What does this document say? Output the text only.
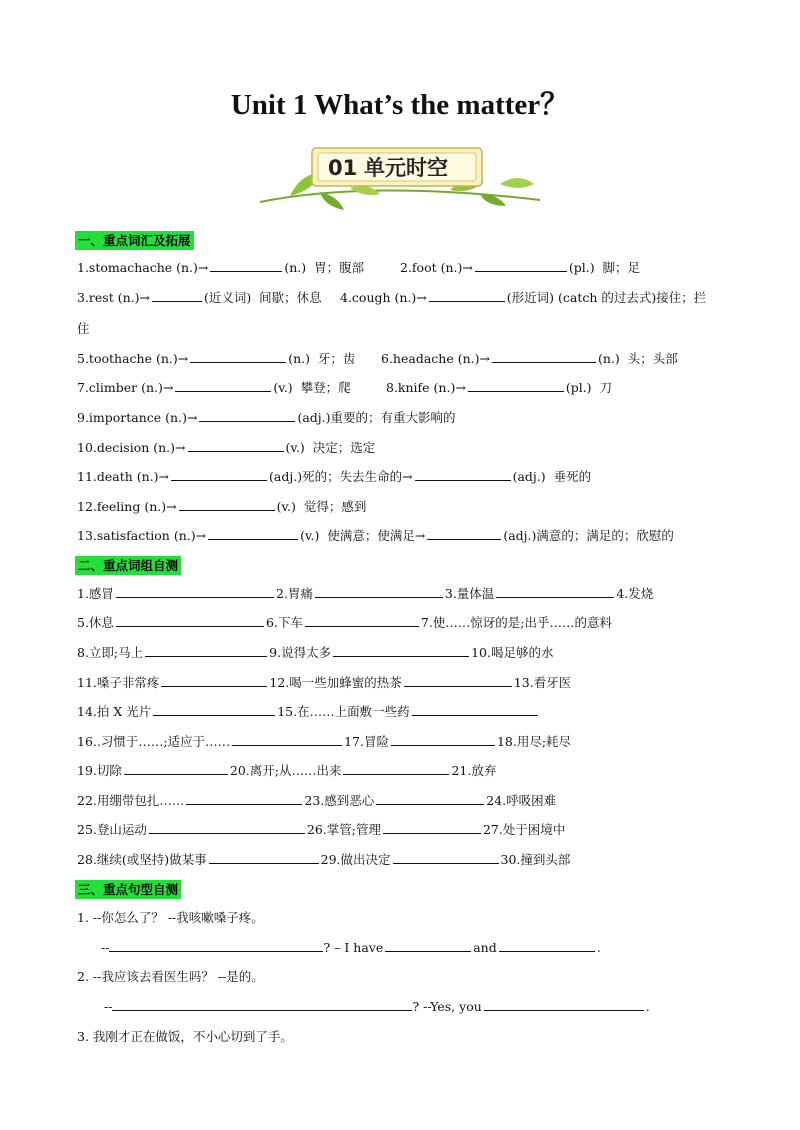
Unit 1 What’s the matter？
01 单元时空
一、重点词汇及拓展
1.stomachache (n.)→	(n.)  胃；腹部	2.foot (n.)→	(pl.)  脚；足
3.rest (n.)→	(近义词)  间歇；休息 4.cough (n.)→	(形近词) (catch 的过去式)接住；拦
住
5.toothache (n.)→	(n.)  牙；齿 6.headache (n.)→	(n.)  头；头部
7.climber (n.)→	(v.)  攀登；爬	8.knife (n.)→	(pl.)  刀
9.importance (n.)→	(adj.)重要的；有重大影响的
10.decision (n.)→	(v.)  决定；选定
11.death (n.)→	(adj.)死的；失去生命的→	(adj.)  垂死的
12.feeling (n.)→	(v.)  觉得；感到
13.satisfaction (n.)→	(v.)  使满意；使满足→	(adj.)满意的；满足的；欣慰的
二、重点词组自测
1.感冒	2.胃痛	3.量体温	4.发烧
5.休息	6.下车	7.使……惊讶的是;出乎……的意料
8.立即;马上	9.说得太多	10.喝足够的水
11.嗓子非常疼	12.喝一些加蜂蜜的热茶	13.看牙医
14.拍 X 光片	15.在……上面敷一些药
16..习惯于……;适应于……	17.冒险	18.用尽;耗尽
19.切除	20.离开;从……出来	21.放弃
22.用绷带包扎……	23.感到恶心	24.呼吸困难
25.登山运动	26.掌管;管理	27.处于困境中
28.继续(或坚持)做某事	29.做出决定	30.撞到头部
三、重点句型自测
1. --你怎么了？ --我咳嗽嗓子疼。
--	? – I have	and	.
2. --我应该去看医生吗？ --是的。
--	? --Yes, you	.
3. 我刚才正在做饭，不小心切到了手。
